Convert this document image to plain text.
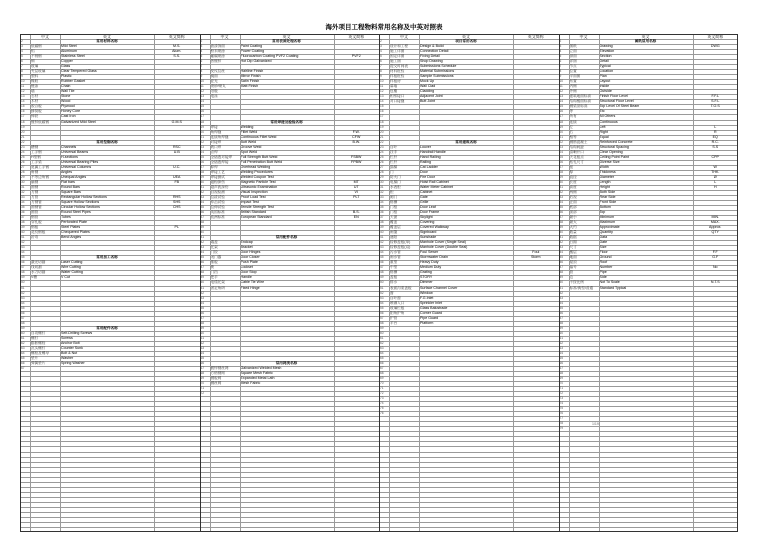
海外项目工程物料常用名称及中英对照表
中文	英文	英文简称
2	常用材料名称
3	低碳钢	Mild Steel	M.S.
4	铝	Aluminum	Alum.
5	不锈钢	Stainless Steel	S.S.
6	铜	Copper
7	玻璃	Glass
8	夹层玻璃	Clear Tempered Glass
9	塑料	Plastic
10	橡胶	Rubber Gasket
11	链条	Chain
12	墙	Wall Tile
13	石材	Stone
14	木材	Wood
15	胶合板	Plywood
16	蜂窝板	Honey Core
17	铸铁	Cast Iron
18	镀锌低碳钢	Galvanized Mild Steel	G.M.S
19
20
21
22	常用型钢名称
23	槽钢	Channels	RSC
24	工字钢	Universal Beams	U.B
25	H型钢	H-sections
26	工字梁	Universal Bearing Piles
27	宽翼工字钢	Universal Columns	U.C.
28	角钢	Angles
29	不等边角钢	Unequal Angles	UEA
30	扁钢	Flat bars	FB
31	圆钢	Round Bars
32	方钢	Square Bars
33	方管	Rectangular Hollow Sections	RHS
34	方钢管	Square Hollow Sections	SHS
35	圆钢管	Circular Hollow Sections	CHS
36	圆管	Round Steel Pipes
37	钢管	Tubes
38	穿孔板	Perforated Plate
39	钢板	Steel Plates	PL
40	花纹钢板	Chequered Plates
41	折弯	Bend Angles
42
43
44
45	常用加工名称
46	激光切割	Laser Cutting
47	线切割	Wire Cutting
48	水刀切割	Water Cutting
49	V槽	V Cut
50
51
52
53
54
55
56
57
58
59	常用配件名称
60	自攻螺钉	Self-Drilling Screws
61	螺钉	Screws
62	膨胀螺栓	Anchor Bolt
63	沉头螺钉	Counter Sunk
64	螺栓及螺母	Bolt & Nut
65	垫片	Washer
66	弹簧垫片	Spring Washer
67
中文	英文	英文简称
2	常用表面处理名称
3	油漆饰面	Paint Coating
4	粉末喷涂	Power Coating
5	氟碳喷涂	Fluorocarbon Coating PVF2 Coating	PVF2
6	热镀锌	Hot Dip Galvanized
7
8	发纹拉丝	Hairline Finish
9	镜面	Mirror Finish
10	亚光	Satin Finish
11	喷砂/喷丸	Matt Finish
12	阳极
13	电泳
14
15
16
17
18	常用焊接及检验名称
19	焊接	Welding
20	角焊缝	Fillet Weld	F.W.
21	连续角焊缝	Continuous Fillet Weld	CFW
22	对接焊	Butt Weld	B.W.
23	坡口焊	Groove Weld
24	点焊	Spot Weld
25	全熔透对接焊	Full Strength Butt Weld	FSBW
26	全熔透焊接	Full Penetration Butt Weld	FPBW
27	仰焊	Overhead Welding
28	焊接工艺	Welding Procedures
29	焊接测试	Welded Coupon Test
30	磁粉探伤	Magnetic Particle Test	MT
31	超声波探伤	Ultrasonic Examination	UT
32	目视检测	Visual Inspection	VI
33	拉拔试验	Proof Load Test	PLT
34	冲击试验	Impact Test
35	拉伸试验	Tensile Strength Test
36	英国标准	British Standard	B.S.
37	欧洲标准	European Standard	EN
38
39
40
41	常用配件名称
42	端盖	Endcap
43	托架	Bracket
44	门铰	Door Hinges
45	闭门器	Door Closer
46	推板	Push Plate
47	锁	Lockset
48	门挡	Door Stop
49	把手	Handle
50	电缆托架	Cable Tie Wire
51	固定角码	Fixed Hinge
52
53
54
55
56
57
58
59
60
61
62
63
64
65
66	常用网类名称
67	镀锌钢丝网	Galvanized Welded Mesh
68	方格钢网	Square Mesh Fabric
69	钢板网	Expanded Metal Lath
70	钢丝网	Mesh Fabric
71
72
中文	英文	英文简称
2	项目常用名称
3	设计和工程	Design & Build
4	施工详图	Connection Detail
5	固定详图	Fixing Detail
6	施工图	Shop Drawing
7	提交时间表	Submissions Schedule
8	材料报验	Material Submissions
9	样板报验	Sample Submissions
10	样板房	Mock Up
11	幕墙	Wall Clad
12	包覆	Cladding
13	相邻接口	Adjacent Joint
14	对口接缝	Butt Joint
15
16
17
18
19
20
21
22	常用建筑名称
23	百叶	Louver
24	扶手	Handrail Handle
25	栏杆	Hand Railing
26	栏杆	Railing
27	猫梯	Cat Ladder
28	门	Door
29	防火门	Fire Door
30	电梯门	Hoist Rail Cabinet
31	水表柜	Water Meter Cabinet
32	柜	Cabinet
33	闸门	Gate
34	格栅	Grille
35	门框	Door Leaf
36	门框	Door Frame
37	天窗	Skylight
38	覆盖	Covering
39	覆盖层	Covered Walkway
40	雨篷	Signboard
41	遮阳	Sunshade
42	检修盖板(单)	Manhole Cover (Single Seal)
43	检修盖板(双)	Manhole Cover (Double Seal)
44	污水管	Foul Sewer	Foul
45	雨水管	Stormwater Drain	Storm
46	重型	Heavy Duty
47	中型	Medium Duty
48	格栅	Grating
49	盖板	STORY
50	排水	Dimmer
51	表面沟渠盖板	Surface Channel Cover
52	窗	Window
53	百叶窗	F.G.Inlet
54	喷淋入口	Sprinkler Inlet
55	玻璃栏板	Glass Balustrade
56	阳角护角	Corner Guard
57	护管	Pipe Guard
58	平台	Platform
59
60
61
62
63
64
65
66
67
68
69
70
71
72
73
74
75
76
中文	英文	英文简称
2	图纸常用名称
3	图纸	Drawing	DWG
4	立面	Elevation
5	剖面	Section
6	详图	Detail
7	节点	Typical
8	位置	Location
9	平面图	Plan
10	布置	Layout
11	内侧	Inside
12	外侧	Outside
13	建筑地面标高	Finish Floor Level	F.F.L
14	结构楼面标高	Structural Floor Level	S.F.L
15	钢梁顶标高	Top Level Of Steel Beam	T.O.S
16	等	Etc
17	所有	All Others
18	连续	Continuous
19	左	Left	L
20	右	Right	R
21	相等	Equal	EQ
22	钢筋混凝土	Reinforced Concrete	R.C.
23	结构间距	Structural Spacing	S.S
24	清晰开口	Clear Opening
25	天花板点	Ceiling Point Paint	CPP
26	钻孔尺寸	Diverse Size
27	宽	Width	W
28	厚	Thickness	THK.
29	直径	Diameter	Ø
30	长度	Length	L
31	高度	Height	H
32	两侧	Both Side
33	后视	Rear Side
34	正面	Front Side
35	底部	Bottom
36	顶部	Top
37	最小	Minimum	MIN.
38	最大	Maximum	MAX.
39	大约	Approximate	Approx.
40	数量	Quantity	QTY
41	数据	Data
42	日期	Date
43	尺寸	Size
44	楼层	Floor	F.F
45	地面	Ground	G.F
46	屋顶	Roof
47	编号	Number	No
48	管	Pipe
49	边	Side
50	不按比例	Not To Scale	N.T.S
51	标准/典型/普通	Standard Typical
52
53
54
55
56
57
58
59
60
61
62
63
64
65
66
67
68
69
70
71
72
73
74
75
76
77
78
79
1/19
